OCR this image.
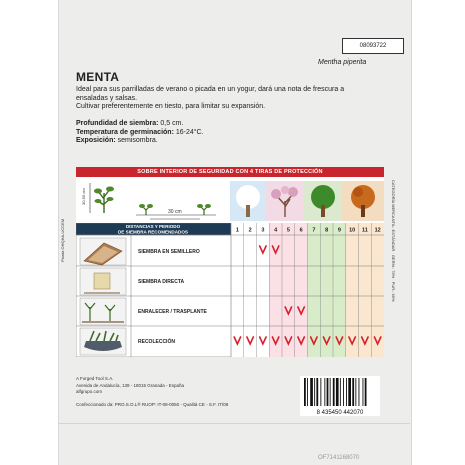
08093722
Mentha piperita
MENTA
Ideal para sus parrilladas de verano o picada en un yogur, dará una nota de frescura a
ensaladas y salsas.
Cultivar preferentemente en tiesto, para limitar su expansión.
Profundidad de siembra: 0,5 cm.
Temperatura de germinación: 16-24°C.
Exposición: semisombra.
SOBRE INTERIOR DE SEGURIDAD CON 4 TIRAS DE PROTECCIÓN
Planta OHQHA-UCCEM	CATEGORÍA MERCANTIL: ESTÁNDAR · GERM.: 75% · PUR.: 95%
30-50 cm
30 cm
DISTANCIAS Y PERIODO
DE SIEMBRA RECOMENDADOS	1 2 3 4 5 6 7 8 9 10 11 12
SIEMBRA EN SEMILLERO
SIEMBRA DIRECTA
ENRALECER / TRASPLANTE
RECOLECCIÓN
A Forged Tool S.A.
Avenida de Andalucía, 139 - 18015 Granada - España
alfgrupo.com
Confeccionado da: PRO.S.O.L® RUOP: IT-08-0050 - Qualità CE - S.F. IT/08
8 435450 442070
OF7141168070
